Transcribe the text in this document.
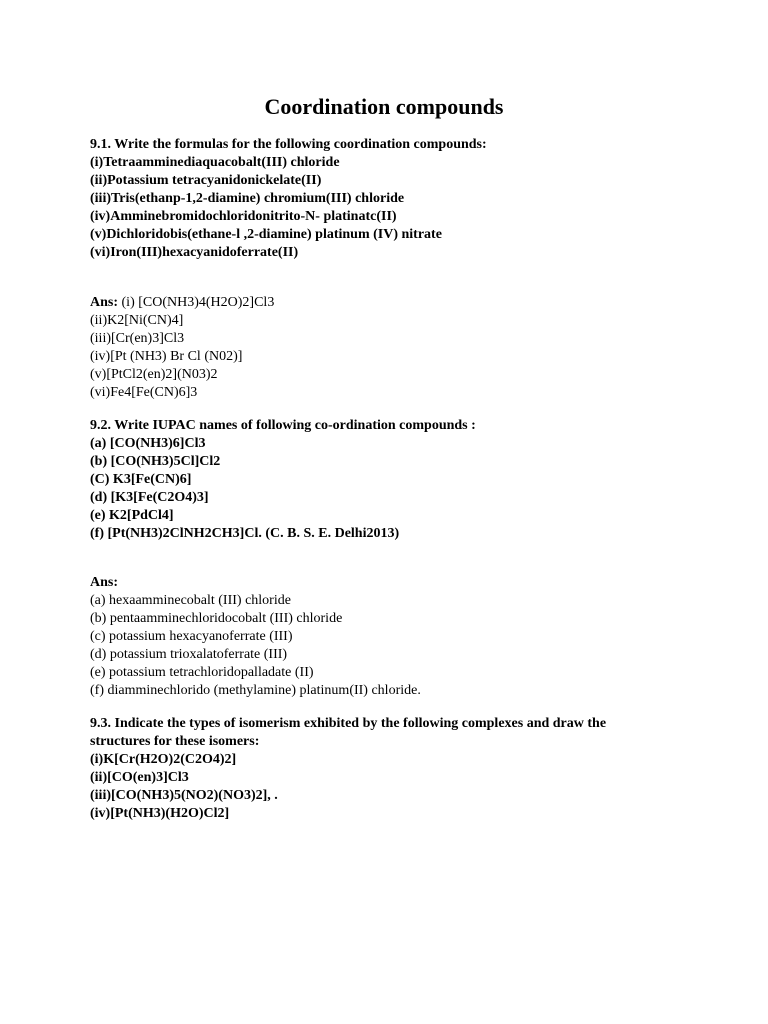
Coordination compounds
9.1. Write the formulas for the following coordination compounds:
(i)Tetraamminediaquacobalt(III) chloride
(ii)Potassium tetracyanidonickelate(II)
(iii)Tris(ethanp-1,2-diamine) chromium(III) chloride
(iv)Amminebromidochloridonitrito-N- platinatc(II)
(v)Dichloridobis(ethane-l ,2-diamine) platinum (IV) nitrate
(vi)Iron(III)hexacyanidoferrate(II)
Ans: (i) [CO(NH3)4(H2O)2]Cl3
(ii)K2[Ni(CN)4]
(iii)[Cr(en)3]Cl3
(iv)[Pt (NH3) Br Cl (N02)]
(v)[PtCl2(en)2](N03)2
(vi)Fe4[Fe(CN)6]3
9.2. Write IUPAC names of following co-ordination compounds :
(a) [CO(NH3)6]Cl3
(b) [CO(NH3)5Cl]Cl2
(C) K3[Fe(CN)6]
(d) [K3[Fe(C2O4)3]
(e) K2[PdCl4]
(f) [Pt(NH3)2ClNH2CH3]Cl. (C. B. S. E. Delhi2013)
Ans:
(a) hexaamminecobalt (III) chloride
(b) pentaamminechloridocobalt (III) chloride
(c) potassium hexacyanoferrate (III)
(d) potassium trioxalatoferrate (III)
(e) potassium tetrachloridopalladate (II)
(f) diamminechlorido (methylamine) platinum(II) chloride.
9.3. Indicate the types of isomerism exhibited by the following complexes and draw the
structures for these isomers:
(i)K[Cr(H2O)2(C2O4)2]
(ii)[CO(en)3]Cl3
(iii)[CO(NH3)5(NO2)(NO3)2], .
(iv)[Pt(NH3)(H2O)Cl2]
